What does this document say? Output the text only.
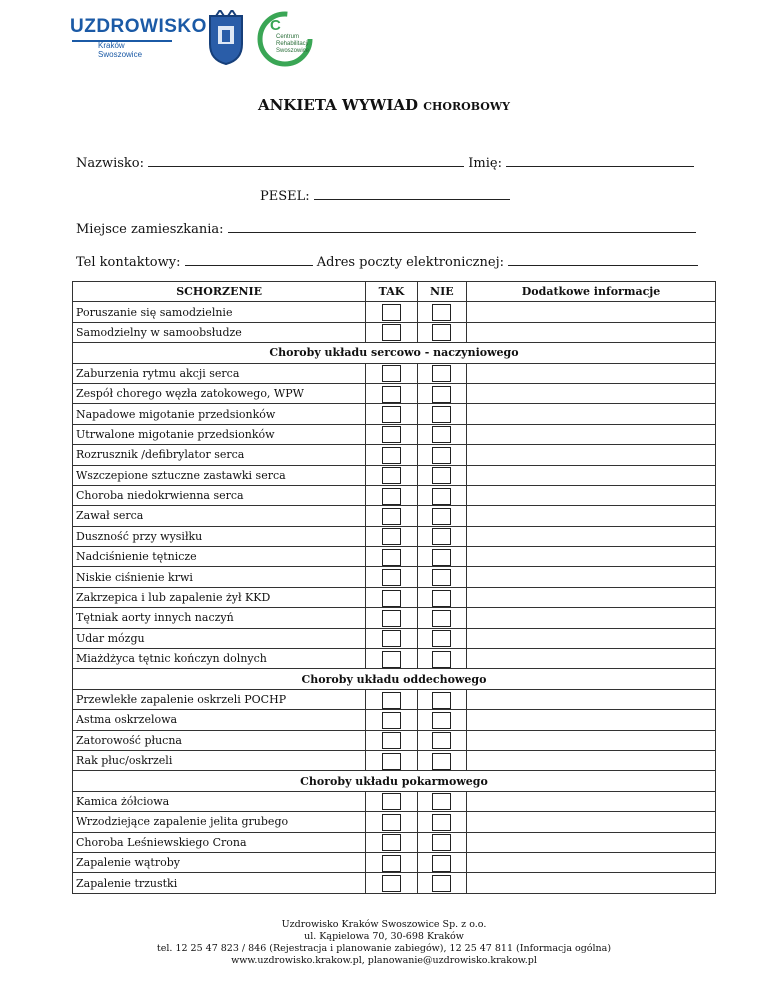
UZDROWISKO
Kraków Swoszowice
C
Centrum
Rehabilitacji
Swoszowice
ANKIETA WYWIAD CHOROBOWY
Nazwisko:	Imię:
PESEL:
Miejsce zamieszkania:
Tel kontaktowy:	Adres poczty elektronicznej:
SCHORZENIE	TAK	NIE	Dodatkowe informacje
Poruszanie się samodzielnie			
Samodzielny w samoobsłudze			
Choroby układu sercowo - naczyniowego			
Zaburzenia rytmu akcji serca			
Zespół chorego węzła zatokowego, WPW			
Napadowe migotanie przedsionków			
Utrwalone migotanie przedsionków			
Rozrusznik /defibrylator serca			
Wszczepione sztuczne zastawki serca			
Choroba niedokrwienna serca			
Zawał serca			
Duszność przy wysiłku			
Nadciśnienie tętnicze			
Niskie ciśnienie krwi			
Zakrzepica i lub zapalenie żył KKD			
Tętniak aorty innych naczyń			
Udar mózgu			
Miażdżyca tętnic kończyn dolnych			
Choroby układu oddechowego			
Przewlekłe zapalenie oskrzeli POCHP			
Astma oskrzelowa			
Zatorowość płucna			
Rak płuc/oskrzeli			
Choroby układu pokarmowego			
Kamica żółciowa			
Wrzodziejące zapalenie jelita grubego			
Choroba Leśniewskiego Crona			
Zapalenie wątroby			
Zapalenie trzustki			
Uzdrowisko Kraków Swoszowice Sp. z o.o.
ul. Kąpielowa 70, 30-698 Kraków
tel. 12 25 47 823 / 846 (Rejestracja i planowanie zabiegów), 12 25 47 811 (Informacja ogólna)
www.uzdrowisko.krakow.pl, planowanie@uzdrowisko.krakow.pl
